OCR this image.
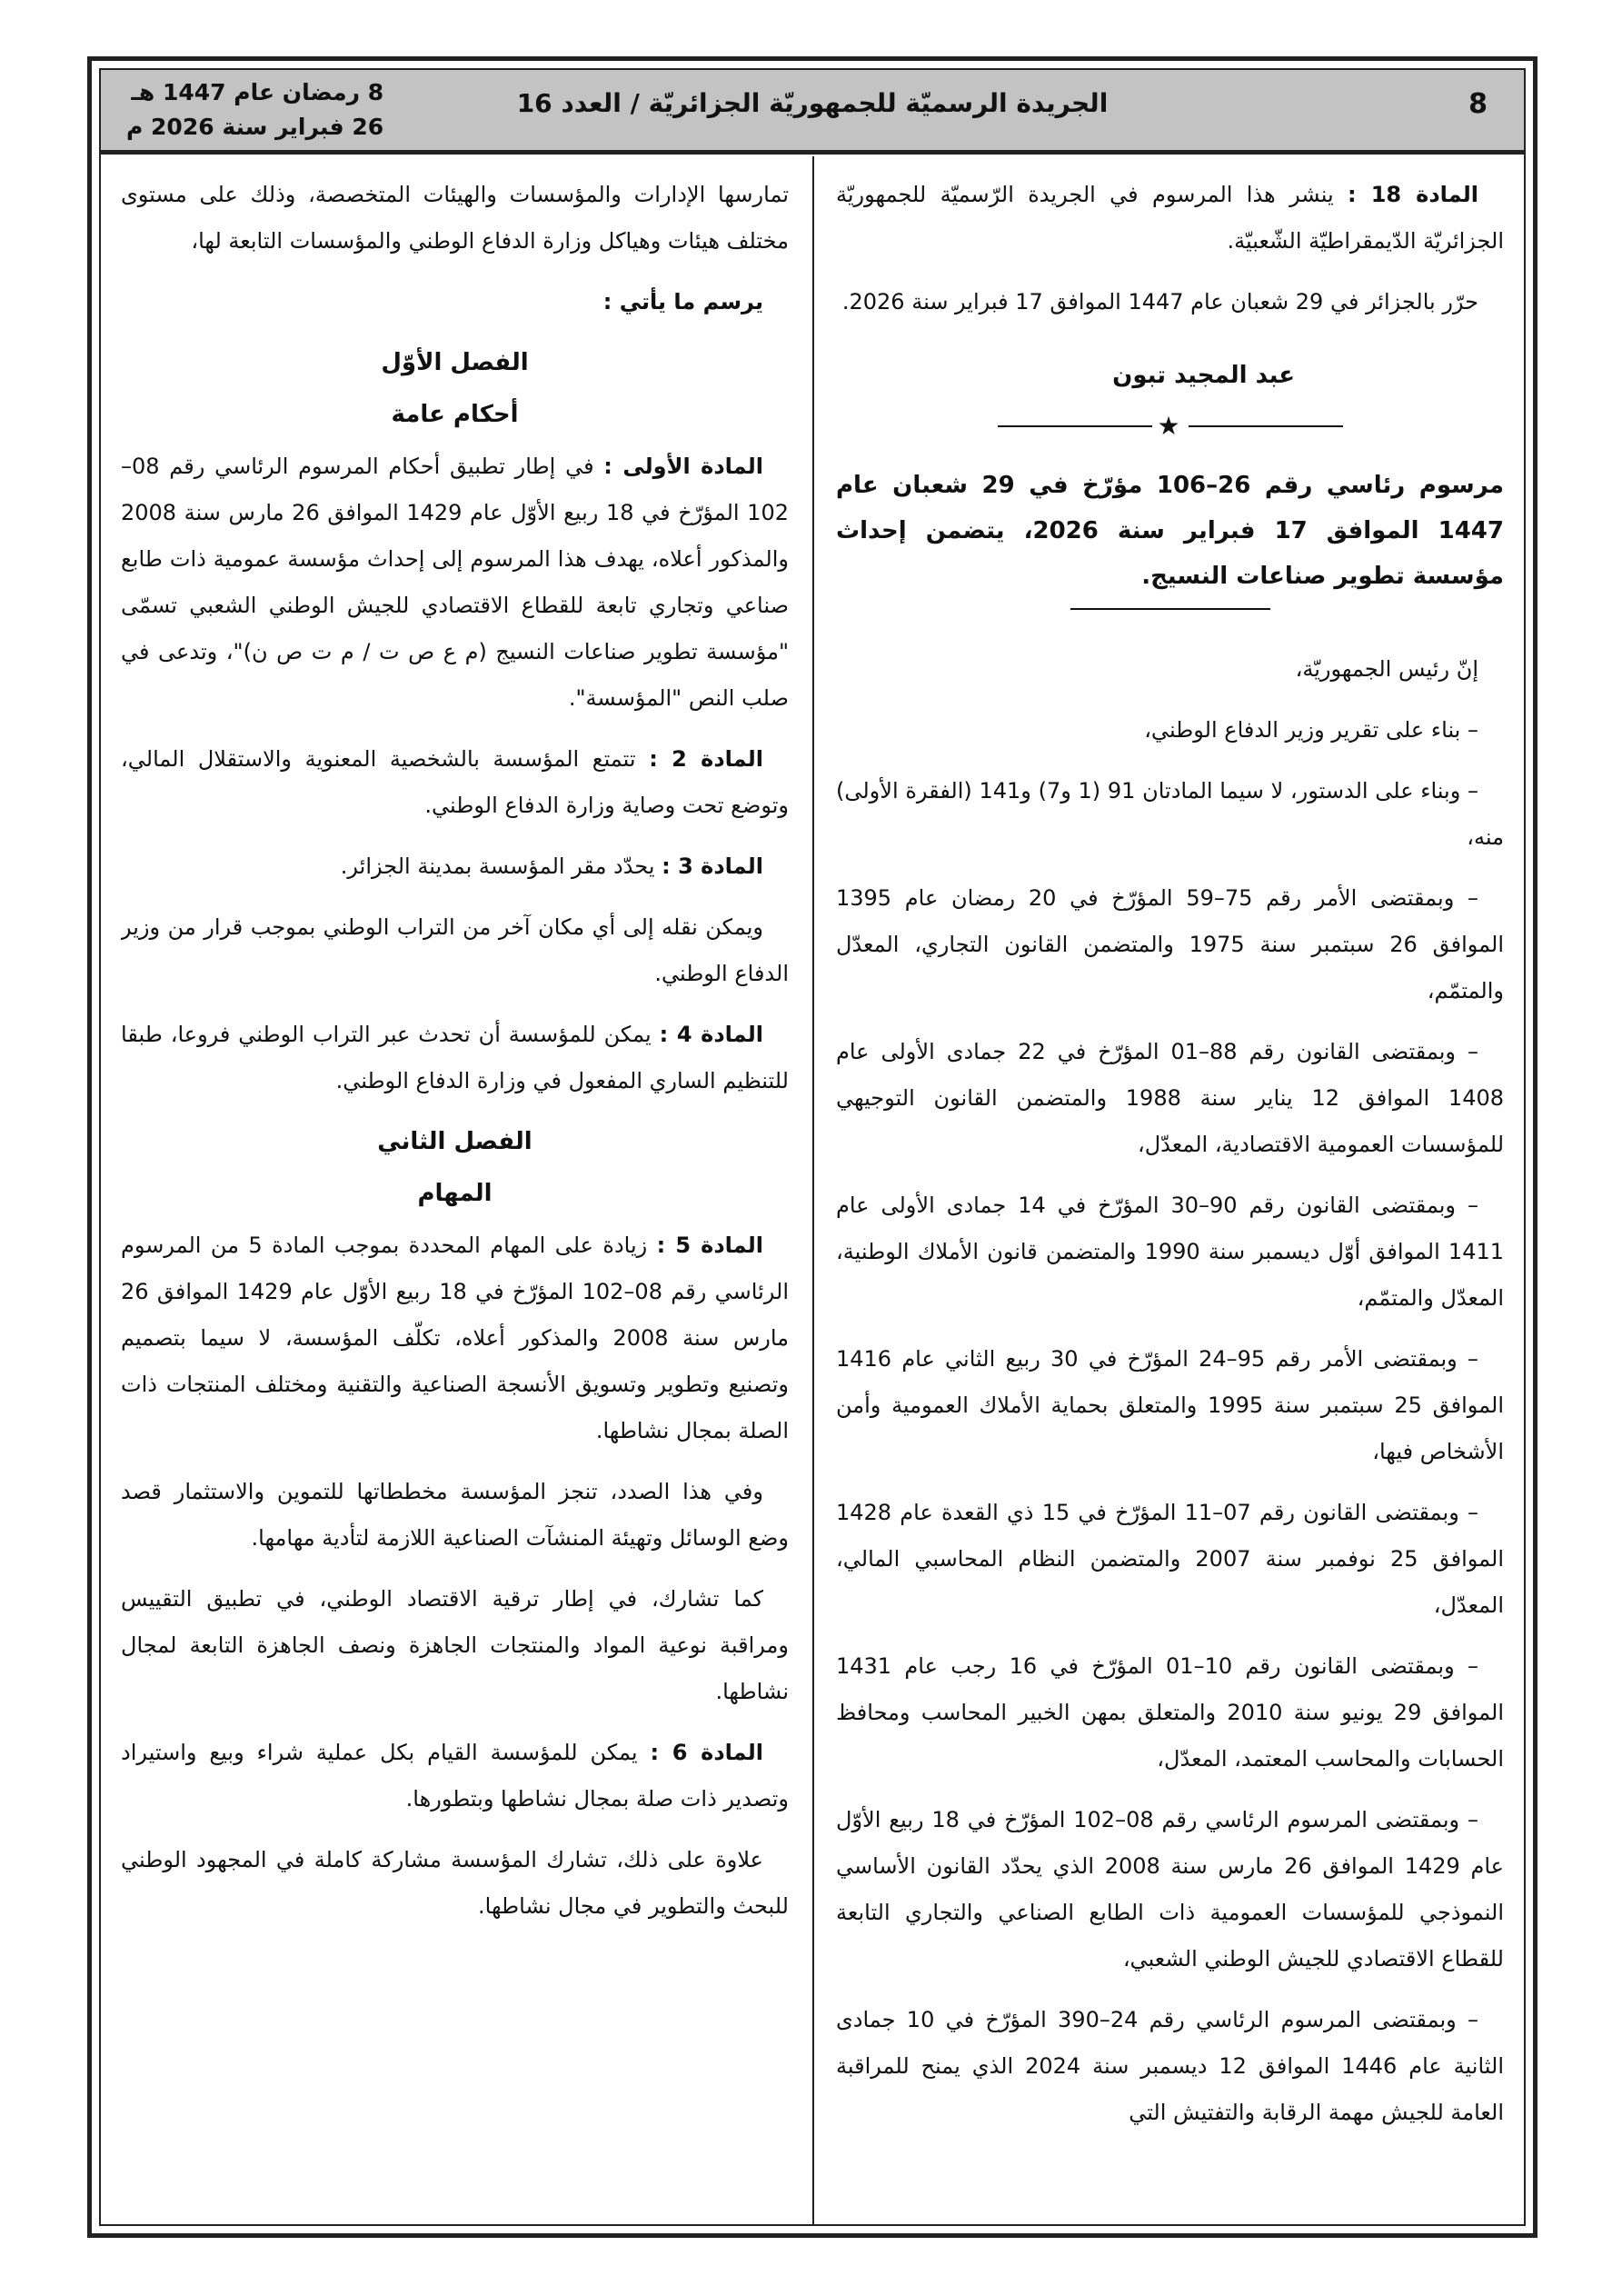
8
الجريدة الرسميّة للجمهوريّة الجزائريّة / العدد 16
8 رمضان عام 1447 هـ
26 فبراير سنة 2026 م

المادة 18 : ينشر هذا المرسوم في الجريدة الرّسميّة للجمهوريّة الجزائريّة الدّيمقراطيّة الشّعبيّة.

حرّر بالجزائر في 29 شعبان عام 1447 الموافق 17 فبراير سنة 2026.

عبد المجيد تبون
★
مرسوم رئاسي رقم 26–106 مؤرّخ في 29 شعبان عام 1447 الموافق 17 فبراير سنة 2026، يتضمن إحداث مؤسسة تطوير صناعات النسيج.

إنّ رئيس الجمهوريّة،

– بناء على تقرير وزير الدفاع الوطني،

– وبناء على الدستور، لا سيما المادتان 91 (1 و7) و141 (الفقرة الأولى) منه،

– وبمقتضى الأمر رقم 75–59 المؤرّخ في 20 رمضان عام 1395 الموافق 26 سبتمبر سنة 1975 والمتضمن القانون التجاري، المعدّل والمتمّم،

– وبمقتضى القانون رقم 88–01 المؤرّخ في 22 جمادى الأولى عام 1408 الموافق 12 يناير سنة 1988 والمتضمن القانون التوجيهي للمؤسسات العمومية الاقتصادية، المعدّل،

– وبمقتضى القانون رقم 90–30 المؤرّخ في 14 جمادى الأولى عام 1411 الموافق أوّل ديسمبر سنة 1990 والمتضمن قانون الأملاك الوطنية، المعدّل والمتمّم،

– وبمقتضى الأمر رقم 95–24 المؤرّخ في 30 ربيع الثاني عام 1416 الموافق 25 سبتمبر سنة 1995 والمتعلق بحماية الأملاك العمومية وأمن الأشخاص فيها،

– وبمقتضى القانون رقم 07–11 المؤرّخ في 15 ذي القعدة عام 1428 الموافق 25 نوفمبر سنة 2007 والمتضمن النظام المحاسبي المالي، المعدّل،

– وبمقتضى القانون رقم 10–01 المؤرّخ في 16 رجب عام 1431 الموافق 29 يونيو سنة 2010 والمتعلق بمهن الخبير المحاسب ومحافظ الحسابات والمحاسب المعتمد، المعدّل،

– وبمقتضى المرسوم الرئاسي رقم 08–102 المؤرّخ في 18 ربيع الأوّل عام 1429 الموافق 26 مارس سنة 2008 الذي يحدّد القانون الأساسي النموذجي للمؤسسات العمومية ذات الطابع الصناعي والتجاري التابعة للقطاع الاقتصادي للجيش الوطني الشعبي،

– وبمقتضى المرسوم الرئاسي رقم 24–390 المؤرّخ في 10 جمادى الثانية عام 1446 الموافق 12 ديسمبر سنة 2024 الذي يمنح للمراقبة العامة للجيش مهمة الرقابة والتفتيش التي

تمارسها الإدارات والمؤسسات والهيئات المتخصصة، وذلك على مستوى مختلف هيئات وهياكل وزارة الدفاع الوطني والمؤسسات التابعة لها،

يرسم ما يأتي :

الفصل الأوّل
أحكام عامة

المادة الأولى : في إطار تطبيق أحكام المرسوم الرئاسي رقم 08–102 المؤرّخ في 18 ربيع الأوّل عام 1429 الموافق 26 مارس سنة 2008 والمذكور أعلاه، يهدف هذا المرسوم إلى إحداث مؤسسة عمومية ذات طابع صناعي وتجاري تابعة للقطاع الاقتصادي للجيش الوطني الشعبي تسمّى "مؤسسة تطوير صناعات النسيج (م ع ص ت / م ت ص ن)"، وتدعى في صلب النص "المؤسسة".

المادة 2 : تتمتع المؤسسة بالشخصية المعنوية والاستقلال المالي، وتوضع تحت وصاية وزارة الدفاع الوطني.

المادة 3 : يحدّد مقر المؤسسة بمدينة الجزائر.

ويمكن نقله إلى أي مكان آخر من التراب الوطني بموجب قرار من وزير الدفاع الوطني.

المادة 4 : يمكن للمؤسسة أن تحدث عبر التراب الوطني فروعا، طبقا للتنظيم الساري المفعول في وزارة الدفاع الوطني.

الفصل الثاني
المهام

المادة 5 : زيادة على المهام المحددة بموجب المادة 5 من المرسوم الرئاسي رقم 08–102 المؤرّخ في 18 ربيع الأوّل عام 1429 الموافق 26 مارس سنة 2008 والمذكور أعلاه، تكلّف المؤسسة، لا سيما بتصميم وتصنيع وتطوير وتسويق الأنسجة الصناعية والتقنية ومختلف المنتجات ذات الصلة بمجال نشاطها.

وفي هذا الصدد، تنجز المؤسسة مخططاتها للتموين والاستثمار قصد وضع الوسائل وتهيئة المنشآت الصناعية اللازمة لتأدية مهامها.

كما تشارك، في إطار ترقية الاقتصاد الوطني، في تطبيق التقييس ومراقبة نوعية المواد والمنتجات الجاهزة ونصف الجاهزة التابعة لمجال نشاطها.

المادة 6 : يمكن للمؤسسة القيام بكل عملية شراء وبيع واستيراد وتصدير ذات صلة بمجال نشاطها وبتطورها.

علاوة على ذلك، تشارك المؤسسة مشاركة كاملة في المجهود الوطني للبحث والتطوير في مجال نشاطها.
